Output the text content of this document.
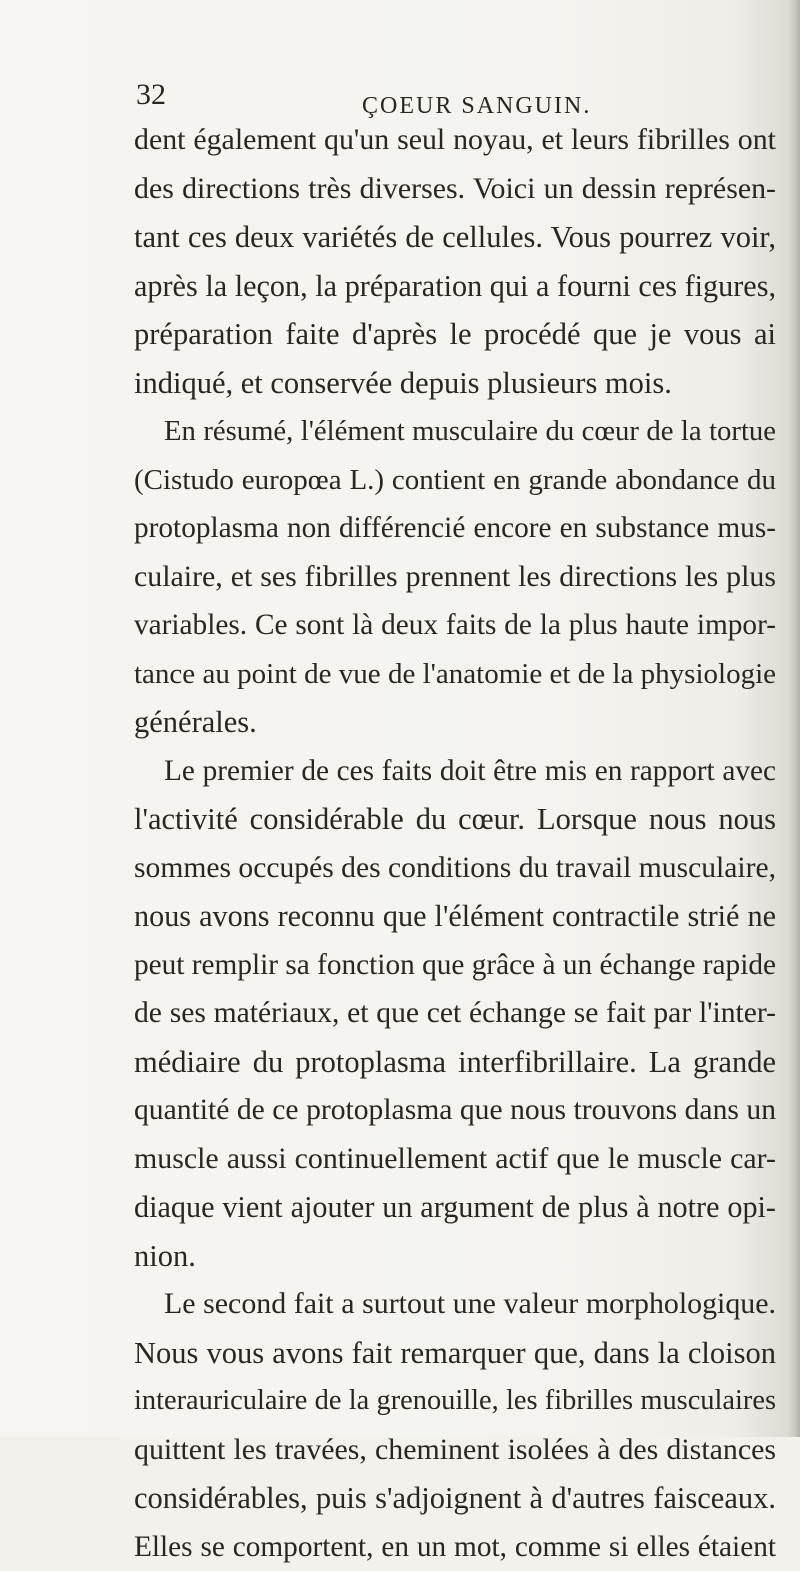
32	ÇOEUR SANGUIN.
dent également qu'un seul noyau, et leurs fibrilles ont
des directions très diverses. Voici un dessin représen-
tant ces deux variétés de cellules. Vous pourrez voir,
après la leçon, la préparation qui a fourni ces figures,
préparation faite d'après le procédé que je vous ai
indiqué, et conservée depuis plusieurs mois.
En résumé, l'élément musculaire du cœur de la tortue
(Cistudo europœa L.) contient en grande abondance du
protoplasma non différencié encore en substance mus-
culaire, et ses fibrilles prennent les directions les plus
variables. Ce sont là deux faits de la plus haute impor-
tance au point de vue de l'anatomie et de la physiologie
générales.
Le premier de ces faits doit être mis en rapport avec
l'activité considérable du cœur. Lorsque nous nous
sommes occupés des conditions du travail musculaire,
nous avons reconnu que l'élément contractile strié ne
peut remplir sa fonction que grâce à un échange rapide
de ses matériaux, et que cet échange se fait par l'inter-
médiaire du protoplasma interfibrillaire. La grande
quantité de ce protoplasma que nous trouvons dans un
muscle aussi continuellement actif que le muscle car-
diaque vient ajouter un argument de plus à notre opi-
nion.
Le second fait a surtout une valeur morphologique.
Nous vous avons fait remarquer que, dans la cloison
interauriculaire de la grenouille, les fibrilles musculaires
quittent les travées, cheminent isolées à des distances
considérables, puis s'adjoignent à d'autres faisceaux.
Elles se comportent, en un mot, comme si elles étaient
